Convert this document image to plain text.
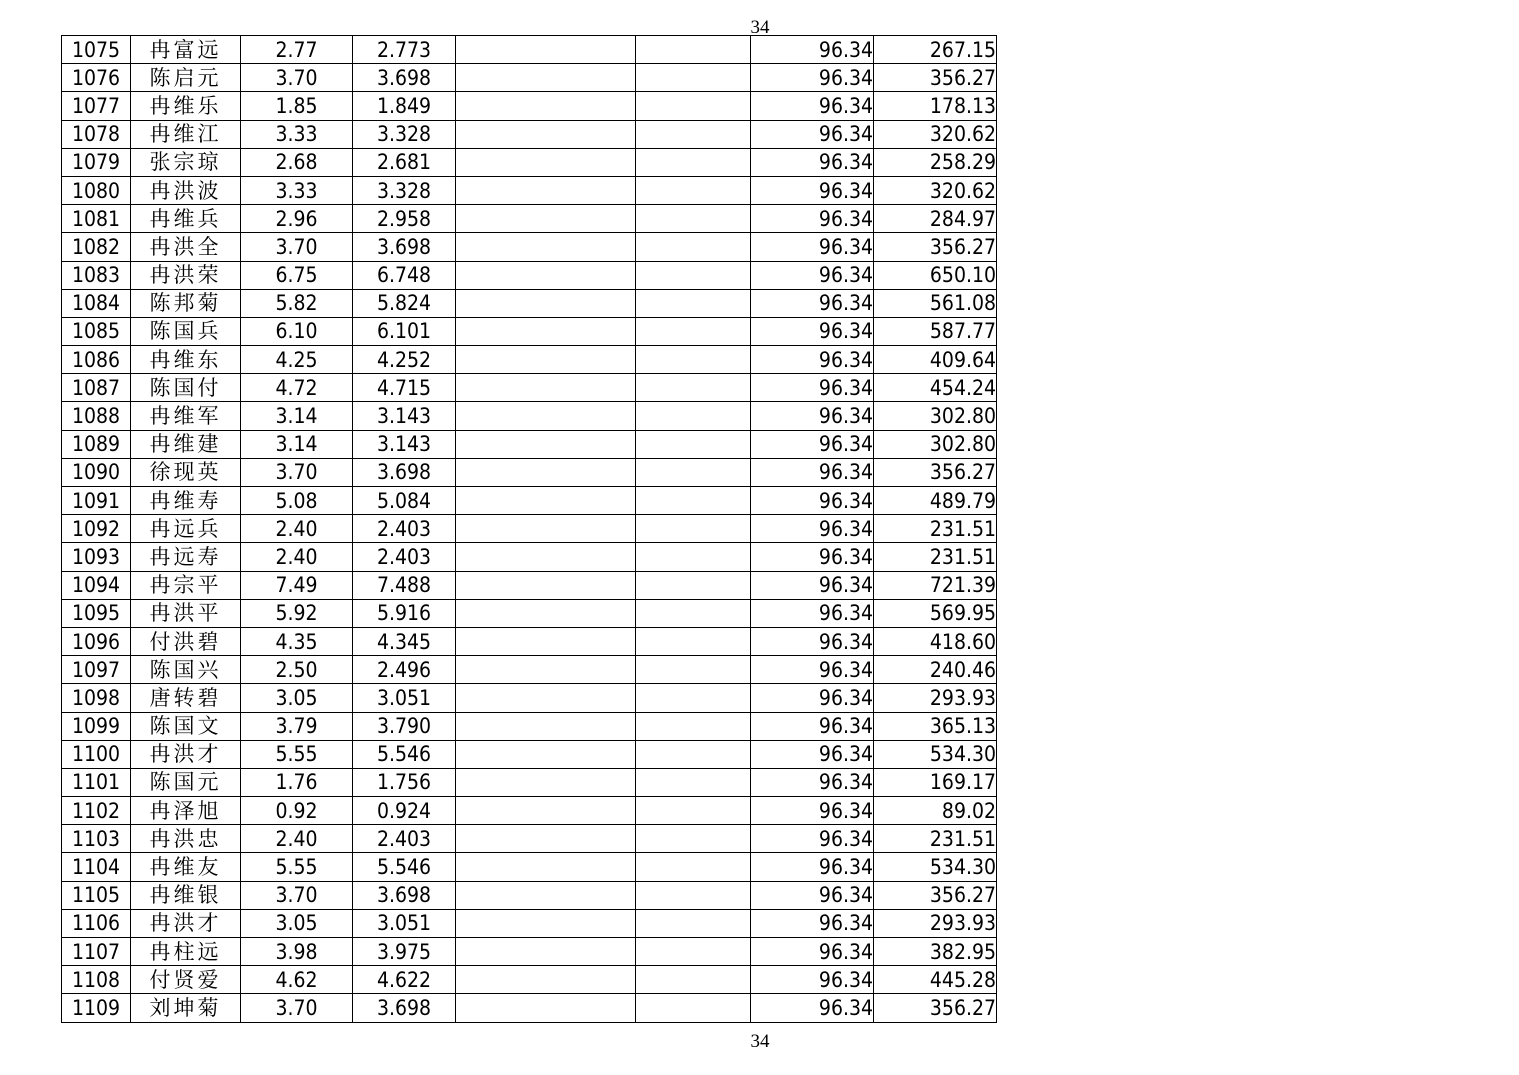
34
1075	冉富远	2.77	2.773			96.34	267.15
1076	陈启元	3.70	3.698			96.34	356.27
1077	冉维乐	1.85	1.849			96.34	178.13
1078	冉维江	3.33	3.328			96.34	320.62
1079	张宗琼	2.68	2.681			96.34	258.29
1080	冉洪波	3.33	3.328			96.34	320.62
1081	冉维兵	2.96	2.958			96.34	284.97
1082	冉洪全	3.70	3.698			96.34	356.27
1083	冉洪荣	6.75	6.748			96.34	650.10
1084	陈邦菊	5.82	5.824			96.34	561.08
1085	陈国兵	6.10	6.101			96.34	587.77
1086	冉维东	4.25	4.252			96.34	409.64
1087	陈国付	4.72	4.715			96.34	454.24
1088	冉维军	3.14	3.143			96.34	302.80
1089	冉维建	3.14	3.143			96.34	302.80
1090	徐现英	3.70	3.698			96.34	356.27
1091	冉维寿	5.08	5.084			96.34	489.79
1092	冉远兵	2.40	2.403			96.34	231.51
1093	冉远寿	2.40	2.403			96.34	231.51
1094	冉宗平	7.49	7.488			96.34	721.39
1095	冉洪平	5.92	5.916			96.34	569.95
1096	付洪碧	4.35	4.345			96.34	418.60
1097	陈国兴	2.50	2.496			96.34	240.46
1098	唐转碧	3.05	3.051			96.34	293.93
1099	陈国文	3.79	3.790			96.34	365.13
1100	冉洪才	5.55	5.546			96.34	534.30
1101	陈国元	1.76	1.756			96.34	169.17
1102	冉泽旭	0.92	0.924			96.34	89.02
1103	冉洪忠	2.40	2.403			96.34	231.51
1104	冉维友	5.55	5.546			96.34	534.30
1105	冉维银	3.70	3.698			96.34	356.27
1106	冉洪才	3.05	3.051			96.34	293.93
1107	冉柱远	3.98	3.975			96.34	382.95
1108	付贤爱	4.62	4.622			96.34	445.28
1109	刘坤菊	3.70	3.698			96.34	356.27
34
